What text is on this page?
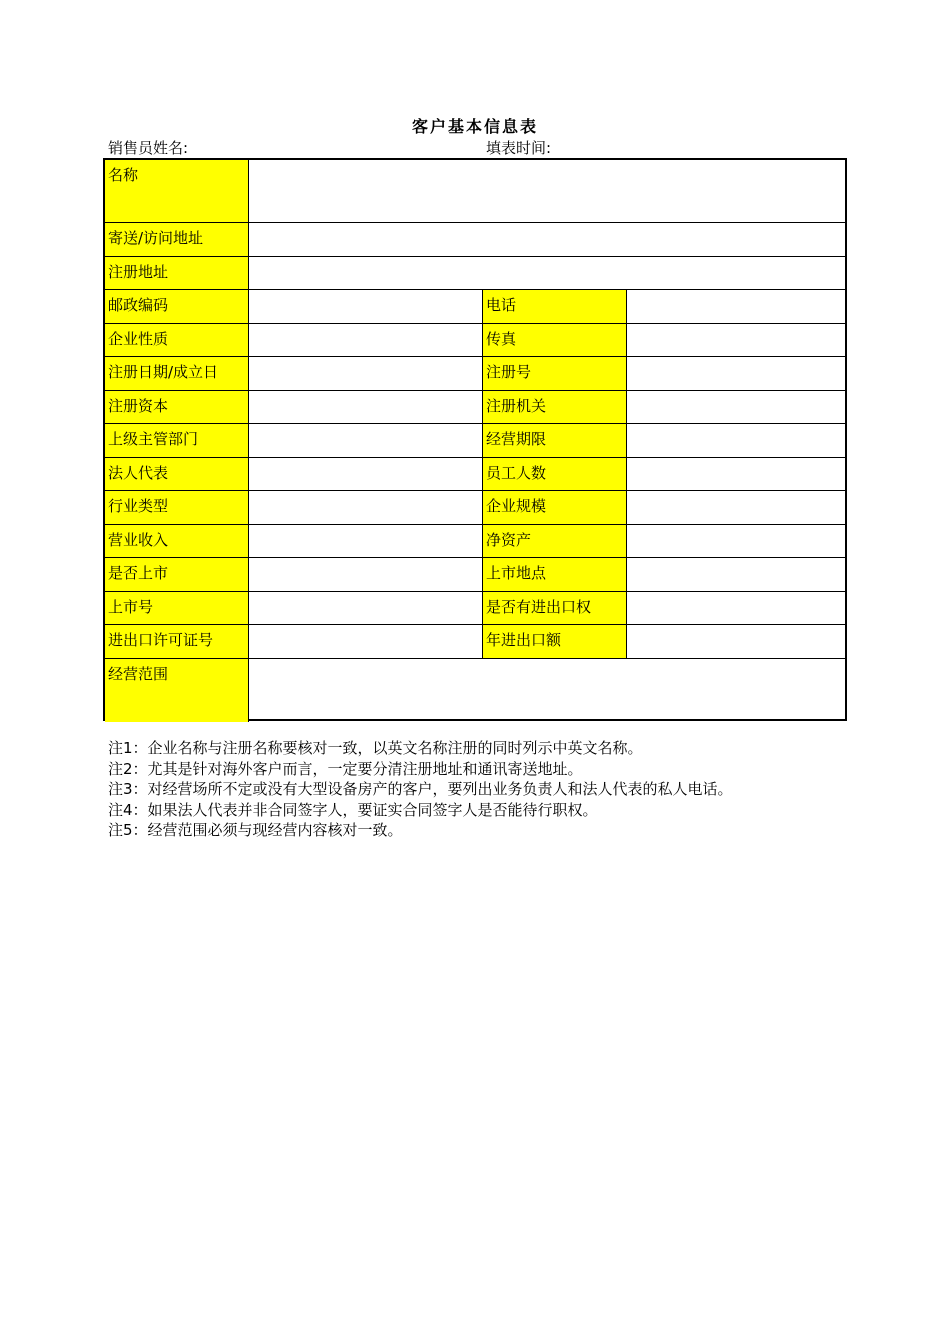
客户基本信息表
销售员姓名:	填表时间:
名称
寄送/访问地址
注册地址
邮政编码	电话
企业性质	传真
注册日期/成立日	注册号
注册资本	注册机关
上级主管部门	经营期限
法人代表	员工人数
行业类型	企业规模
营业收入	净资产
是否上市	上市地点
上市号	是否有进出口权
进出口许可证号	年进出口额
经营范围
注1：企业名称与注册名称要核对一致，以英文名称注册的同时列示中英文名称。
注2：尤其是针对海外客户而言，一定要分清注册地址和通讯寄送地址。
注3：对经营场所不定或没有大型设备房产的客户，要列出业务负责人和法人代表的私人电话。
注4：如果法人代表并非合同签字人，要证实合同签字人是否能待行职权。
注5：经营范围必须与现经营内容核对一致。
